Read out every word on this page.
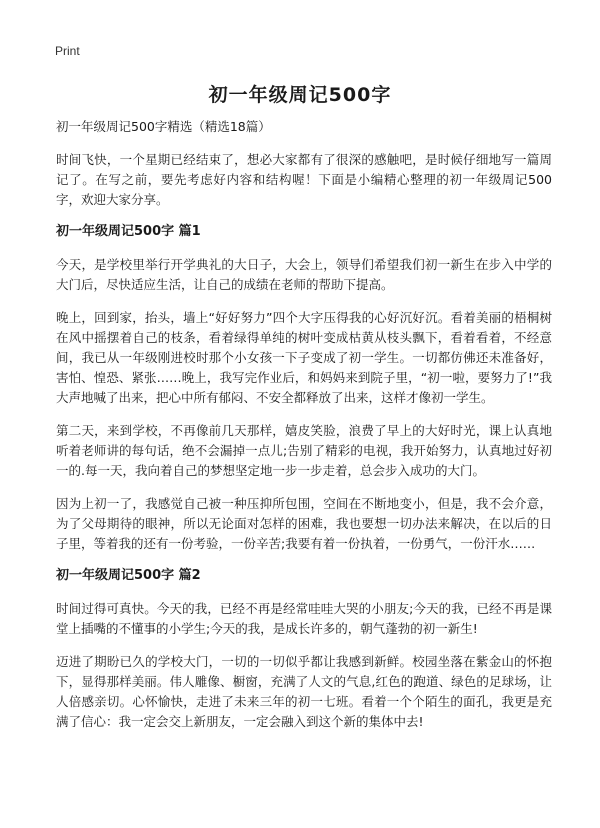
Print
初一年级周记500字
初一年级周记500字精选（精选18篇）

时间飞快，一个星期已经结束了，想必大家都有了很深的感触吧，是时候仔细地写一篇周记了。在写之前，要先考虑好内容和结构喔！下面是小编精心整理的初一年级周记500字，欢迎大家分享。

初一年级周记500字 篇1

今天，是学校里举行开学典礼的大日子，大会上，领导们希望我们初一新生在步入中学的大门后，尽快适应生活，让自己的成绩在老师的帮助下提高。

晚上，回到家，抬头，墙上“好好努力”四个大字压得我的心好沉好沉。看着美丽的梧桐树在风中摇摆着自己的枝条，看着绿得单纯的树叶变成枯黄从枝头飘下，看着看着，不经意间，我已从一年级刚进校时那个小女孩一下子变成了初一学生。一切都仿佛还未准备好，害怕、惶恐、紧张……晚上，我写完作业后，和妈妈来到院子里，“初一啦，要努力了!”我大声地喊了出来，把心中所有郁闷、不安全都释放了出来，这样才像初一学生。

第二天，来到学校，不再像前几天那样，嬉皮笑脸，浪费了早上的大好时光，课上认真地听着老师讲的每句话，绝不会漏掉一点儿;告别了精彩的电视，我开始努力，认真地过好初一的.每一天，我向着自己的梦想坚定地一步一步走着，总会步入成功的大门。

因为上初一了，我感觉自己被一种压抑所包围，空间在不断地变小，但是，我不会介意，为了父母期待的眼神，所以无论面对怎样的困难，我也要想一切办法来解决，在以后的日子里，等着我的还有一份考验，一份辛苦;我要有着一份执着，一份勇气，一份汗水……

初一年级周记500字 篇2

时间过得可真快。今天的我，已经不再是经常哇哇大哭的小朋友;今天的我，已经不再是课堂上插嘴的不懂事的小学生;今天的我，是成长许多的，朝气蓬勃的初一新生!

迈进了期盼已久的学校大门，一切的一切似乎都让我感到新鲜。校园坐落在紫金山的怀抱下，显得那样美丽。伟人雕像、橱窗，充满了人文的气息,红色的跑道、绿色的足球场，让人倍感亲切。心怀愉快，走进了未来三年的初一七班。看着一个个陌生的面孔，我更是充满了信心：我一定会交上新朋友，一定会融入到这个新的集体中去!
